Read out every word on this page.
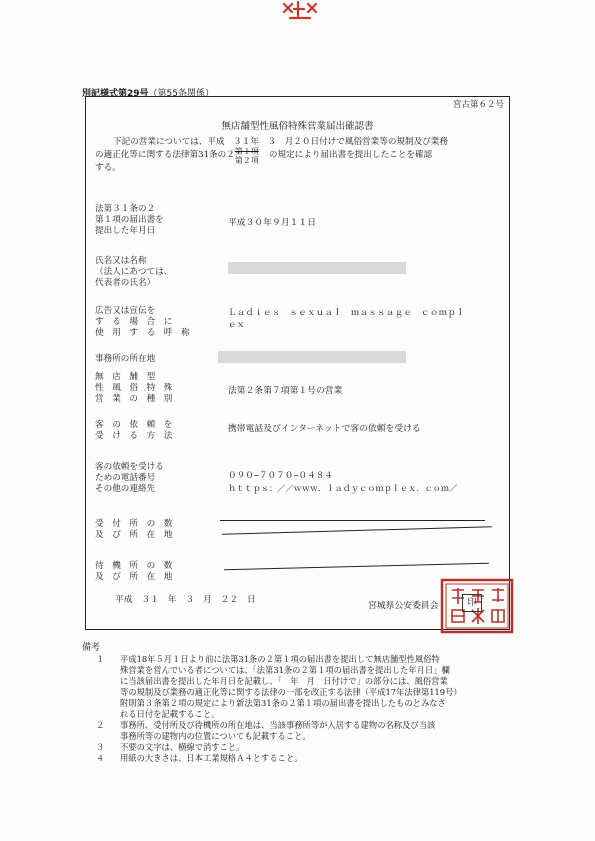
別記様式第29号（第55条関係）
宮古第６２号
無店舗型性風俗特殊営業届出確認書

下記の営業については、平成　３１年　３　月２０日付けで風俗営業等の規制及び業務

の適正化等に関する法律第31条の２ 第１項
第２項
の規定により届出書を提出したことを確認

する。

法第３１条の２
第１項の届出書を
提出した年月日
平成３０年９月１１日
氏名又は名称
（法人にあつては、
代表者の氏名）
広告又は宣伝を
す　る　場　合　に
使　用　す　る　呼　称
Ｌａｄｉｅｓ　ｓｅｘｕａｌ　ｍａｓｓａｇｅ　ｃｏｍｐｌ
ｅｘ
事務所の所在地
無　店　舗　型
性　風　俗　特　殊
営　業　の　種　別
法第２条第７項第１号の営業
客　の　依　頼　を
受　け　る　方　法
携帯電話及びインターネットで客の依頼を受ける
客の依頼を受ける
ための電話番号
その他の連絡先
０９０−７０７０−０４８４
ｈｔｔｐｓ：／／ｗｗｗ．ｌａｄｙｃｏｍｐｌｅｘ．ｃｏｍ／
受　付　所　の　数
及　び　所　在　地
待　機　所　の　数
及　び　所　在　地
平成　３１　年　３　月　２２　日
宮城県公安委員会	印
備考
１ 平成18年５月１日より前に法第31条の２第１項の届出書を提出して無店舗型性風俗特
殊営業を営んでいる者については、「法第31条の２第１項の届出書を提出した年月日」欄
に当該届出書を提出した年月日を記載し、「　年　月　日付けで」の部分には、風俗営業
等の規制及び業務の適正化等に関する法律の一部を改正する法律（平成17年法律第119号）
附則第３条第２項の規定により新法第31条の２第１項の届出書を提出したものとみなさ
れる日付を記載すること。
２ 事務所、受付所及び待機所の所在地は、当該事務所等が入居する建物の名称及び当該
事務所等の建物内の位置についても記載すること。
３ 不要の文字は、横線で消すこと。
４ 用紙の大きさは、日本工業規格Ａ４とすること。
